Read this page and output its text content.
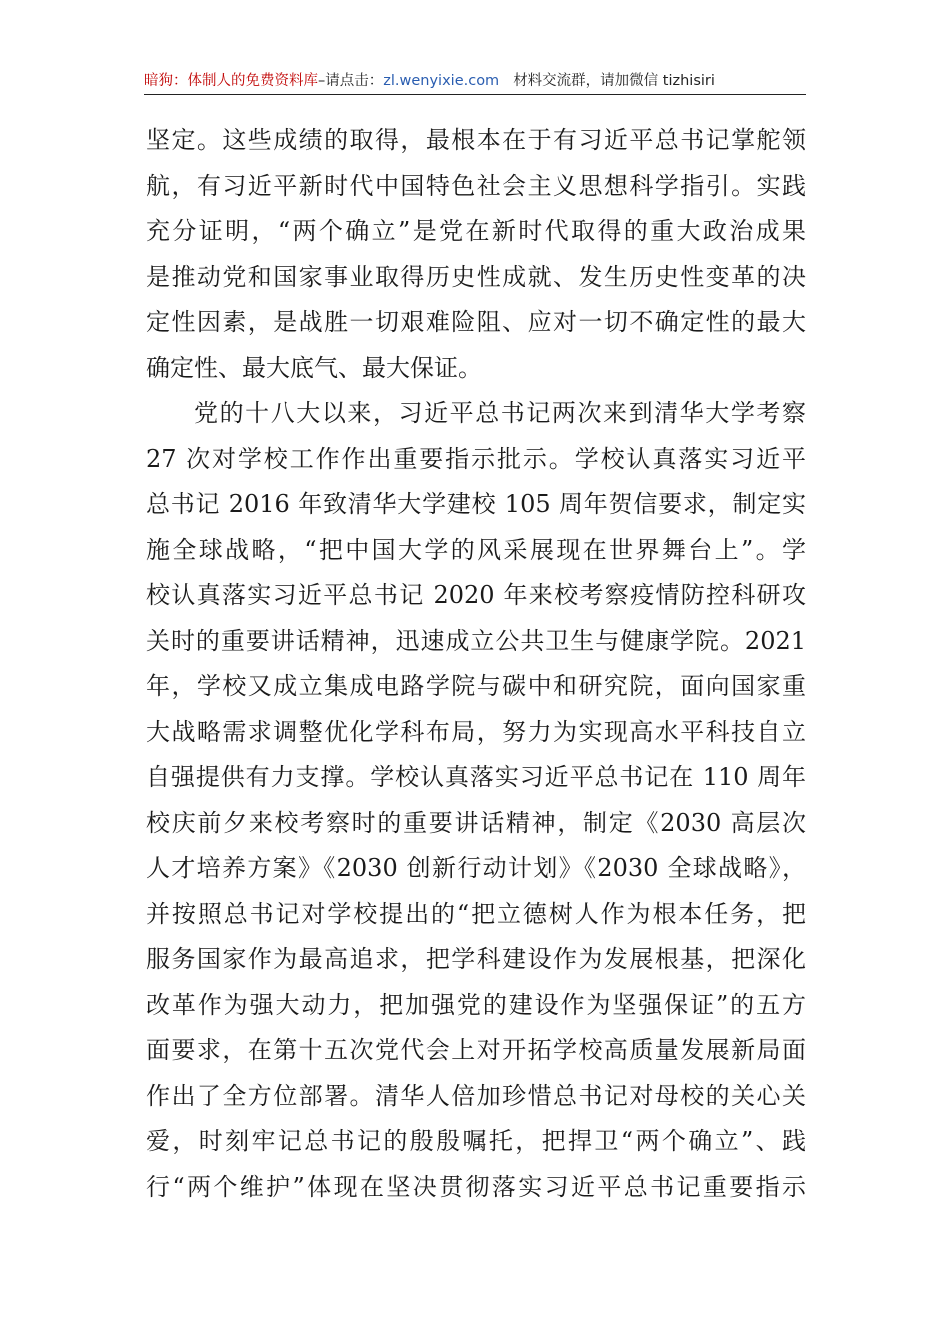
暗狗：体制人的免费资料库–请点击：zl.wenyixie.com 材料交流群，请加微信 tizhisiri
坚定。这些成绩的取得，最根本在于有习近平总书记掌舵领
航，有习近平新时代中国特色社会主义思想科学指引。实践
充分证明，“两个确立”是党在新时代取得的重大政治成果
是推动党和国家事业取得历史性成就、发生历史性变革的决
定性因素，是战胜一切艰难险阻、应对一切不确定性的最大
确定性、最大底气、最大保证。
党的十八大以来，习近平总书记两次来到清华大学考察
27 次对学校工作作出重要指示批示。学校认真落实习近平
总书记 2016 年致清华大学建校 105 周年贺信要求，制定实
施全球战略，“把中国大学的风采展现在世界舞台上”。学
校认真落实习近平总书记 2020 年来校考察疫情防控科研攻
关时的重要讲话精神，迅速成立公共卫生与健康学院。2021
年，学校又成立集成电路学院与碳中和研究院，面向国家重
大战略需求调整优化学科布局，努力为实现高水平科技自立
自强提供有力支撑。学校认真落实习近平总书记在 110 周年
校庆前夕来校考察时的重要讲话精神，制定《2030 高层次
人才培养方案》《2030 创新行动计划》《2030 全球战略》，
并按照总书记对学校提出的“把立德树人作为根本任务，把
服务国家作为最高追求，把学科建设作为发展根基，把深化
改革作为强大动力，把加强党的建设作为坚强保证”的五方
面要求，在第十五次党代会上对开拓学校高质量发展新局面
作出了全方位部署。清华人倍加珍惜总书记对母校的关心关
爱，时刻牢记总书记的殷殷嘱托，把捍卫“两个确立”、践
行“两个维护”体现在坚决贯彻落实习近平总书记重要指示
